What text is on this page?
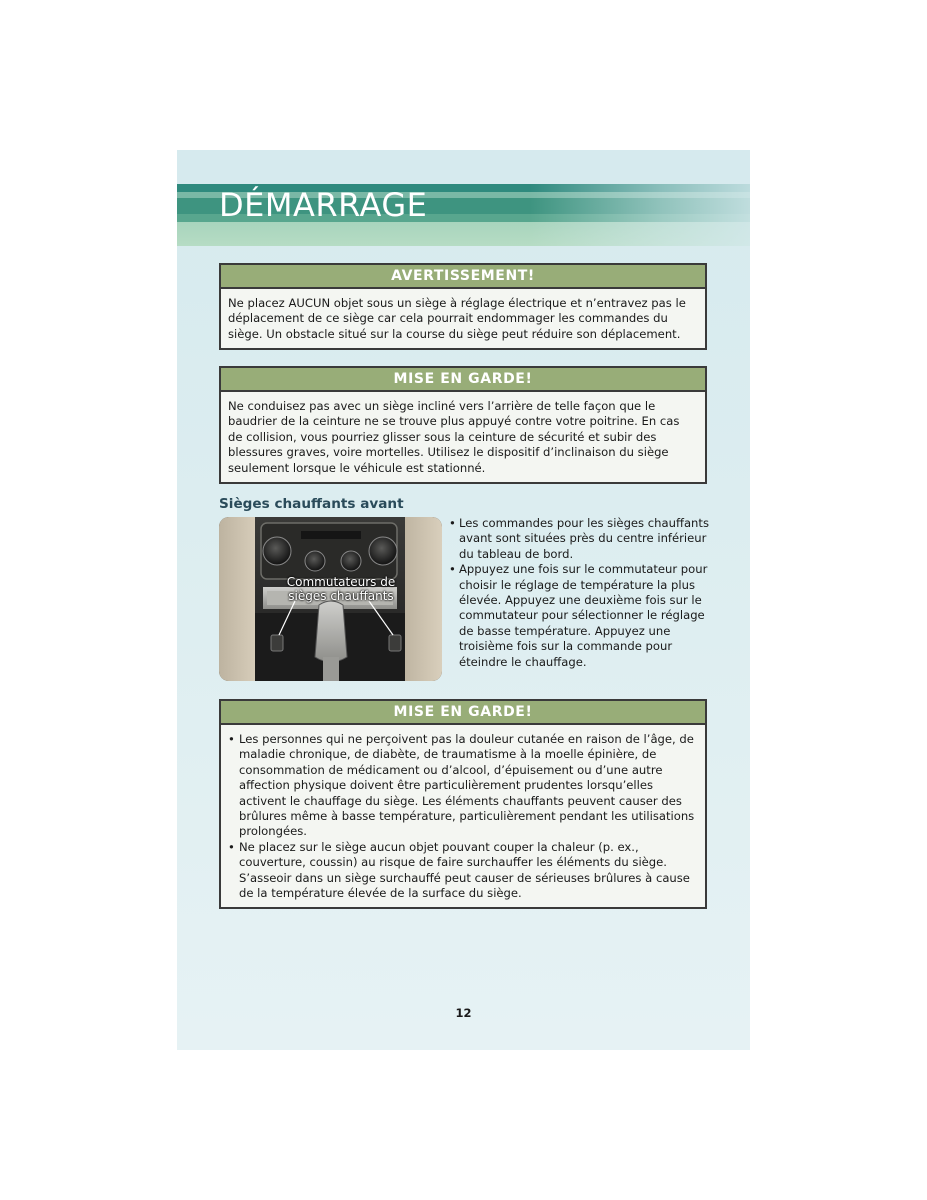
DÉMARRAGE
AVERTISSEMENT!
Ne placez AUCUN objet sous un siège à réglage électrique et n’entravez pas le déplacement de ce siège car cela pourrait endommager les commandes du siège. Un obstacle situé sur la course du siège peut réduire son déplacement.
MISE EN GARDE!
Ne conduisez pas avec un siège incliné vers l’arrière de telle façon que le baudrier de la ceinture ne se trouve plus appuyé contre votre poitrine. En cas de collision, vous pourriez glisser sous la ceinture de sécurité et subir des blessures graves, voire mortelles. Utilisez le dispositif d’inclinaison du siège seulement lorsque le véhicule est stationné.
Sièges chauffants avant
Commutateurs de sièges chauffants
• Les commandes pour les sièges chauffants avant sont situées près du centre inférieur du tableau de bord.
• Appuyez une fois sur le commutateur pour choisir le réglage de température la plus élevée. Appuyez une deuxième fois sur le commutateur pour sélectionner le réglage de basse température. Appuyez une troisième fois sur la commande pour éteindre le chauffage.
MISE EN GARDE!
• Les personnes qui ne perçoivent pas la douleur cutanée en raison de l’âge, de maladie chronique, de diabète, de traumatisme à la moelle épinière, de consommation de médicament ou d’alcool, d’épuisement ou d’une autre affection physique doivent être particulièrement prudentes lorsqu’elles activent le chauffage du siège. Les éléments chauffants peuvent causer des brûlures même à basse température, particulièrement pendant les utilisations prolongées.
• Ne placez sur le siège aucun objet pouvant couper la chaleur (p. ex., couverture, coussin) au risque de faire surchauffer les éléments du siège. S’asseoir dans un siège surchauffé peut causer de sérieuses brûlures à cause de la température élevée de la surface du siège.
12
